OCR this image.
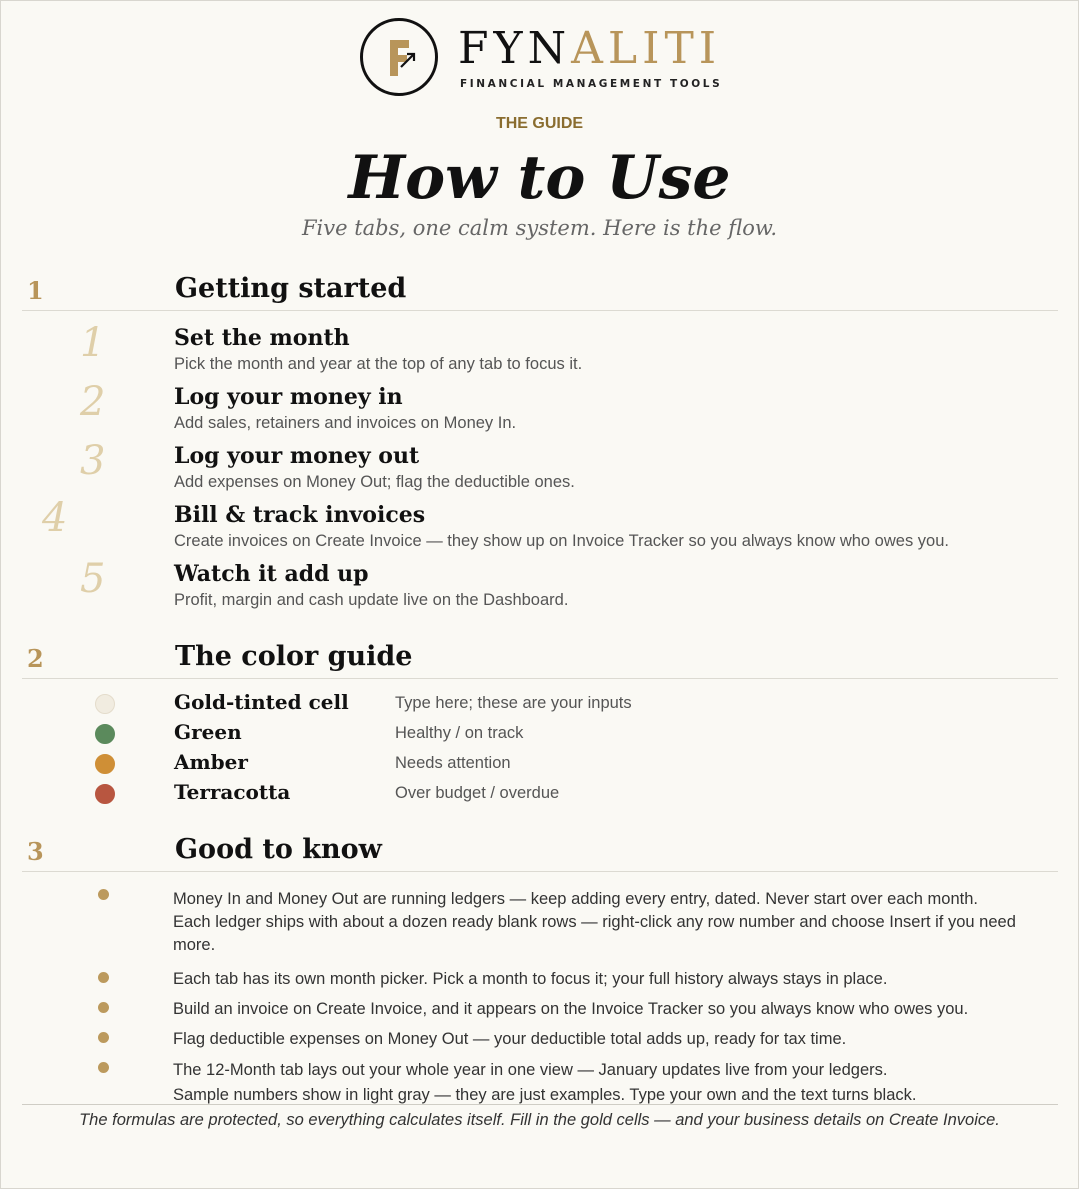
FYNALITI
FINANCIAL MANAGEMENT TOOLS
THE GUIDE
How to Use
Five tabs, one calm system. Here is the flow.
1	Getting started
1	Set the month
Pick the month and year at the top of any tab to focus it.
2	Log your money in
Add sales, retainers and invoices on Money In.
3	Log your money out
Add expenses on Money Out; flag the deductible ones.
4	Bill & track invoices
Create invoices on Create Invoice — they show up on Invoice Tracker so you always know who owes you.
5	Watch it add up
Profit, margin and cash update live on the Dashboard.
2	The color guide
Gold-tinted cell	Type here; these are your inputs
Green	Healthy / on track
Amber	Needs attention
Terracotta	Over budget / overdue
3	Good to know
Money In and Money Out are running ledgers — keep adding every entry, dated. Never start over each month.
Each ledger ships with about a dozen ready blank rows — right-click any row number and choose Insert if you need more.
Each tab has its own month picker. Pick a month to focus it; your full history always stays in place.
Build an invoice on Create Invoice, and it appears on the Invoice Tracker so you always know who owes you.
Flag deductible expenses on Money Out — your deductible total adds up, ready for tax time.
The 12-Month tab lays out your whole year in one view — January updates live from your ledgers.
Sample numbers show in light gray — they are just examples. Type your own and the text turns black.
The formulas are protected, so everything calculates itself. Fill in the gold cells — and your business details on Create Invoice.
